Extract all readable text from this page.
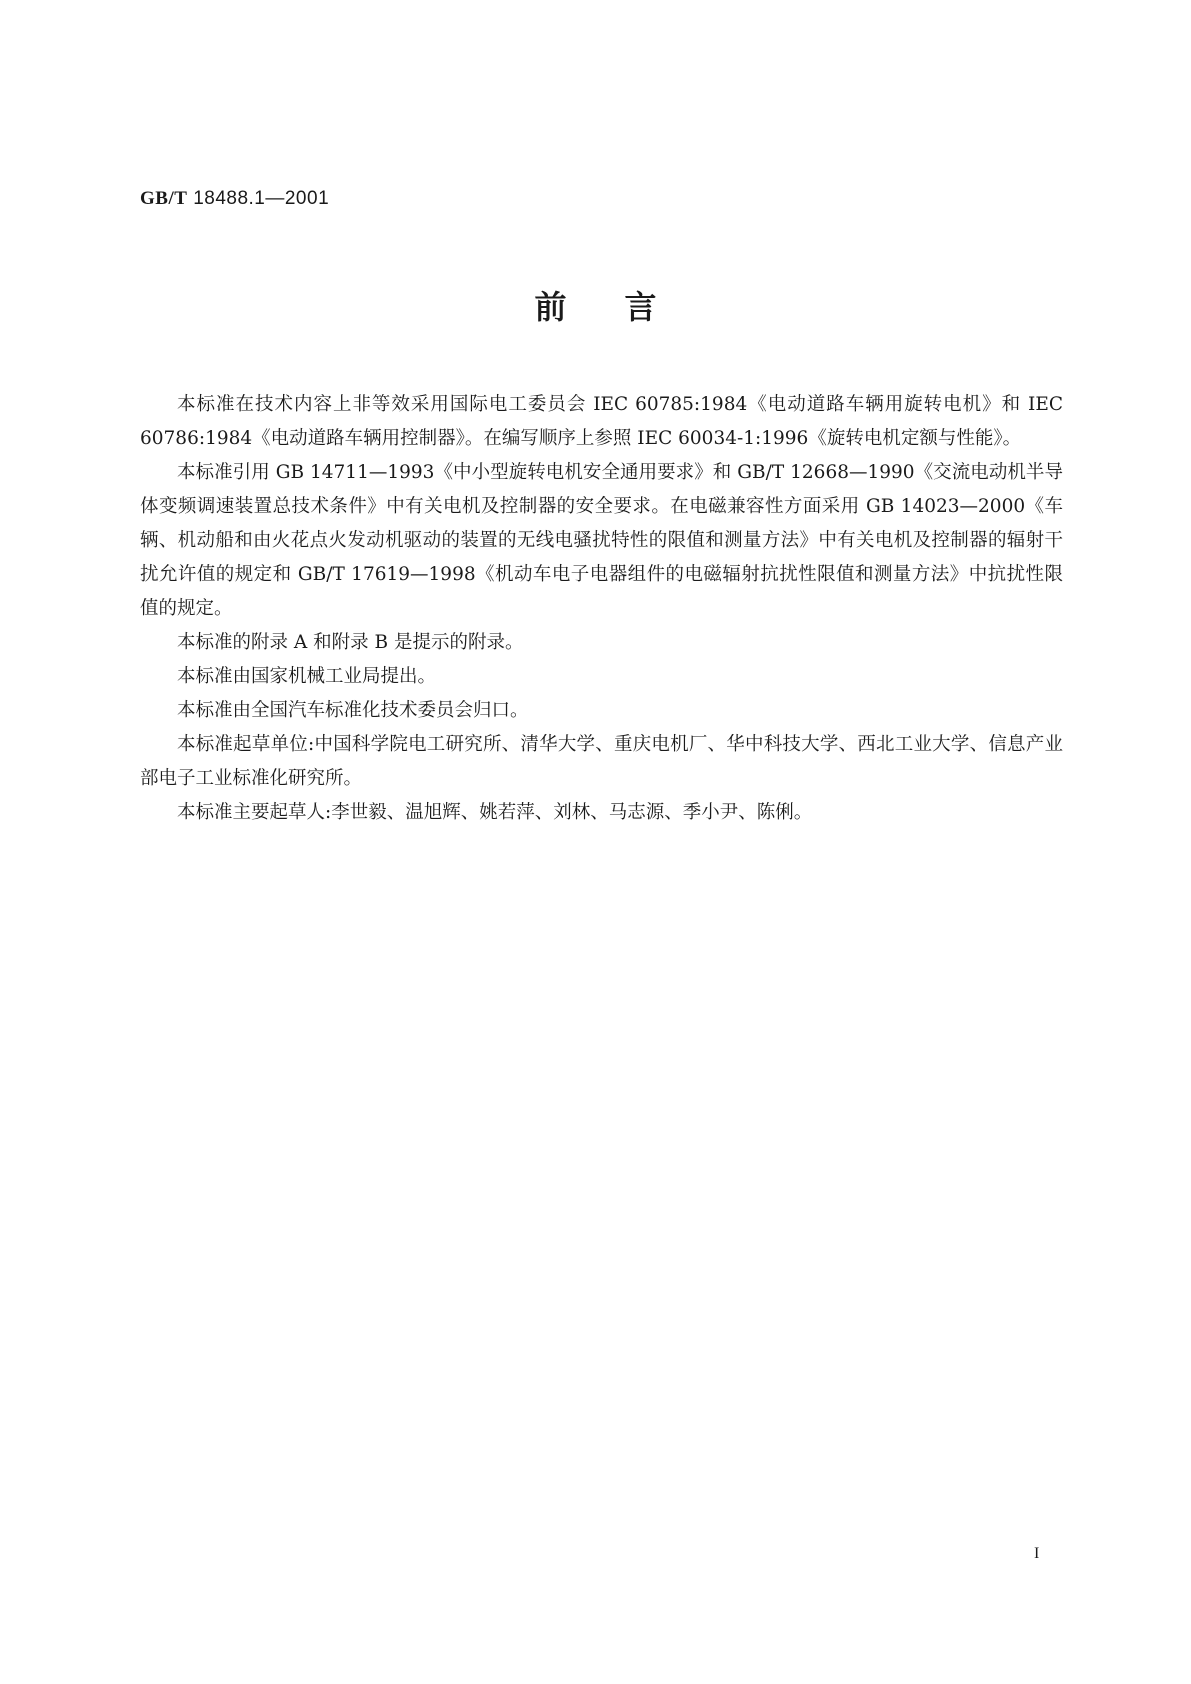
GB/T 18488.1—2001
前言

本标准在技术内容上非等效采用国际电工委员会 IEC 60785:1984《电动道路车辆用旋转电机》和 IEC 60786:1984《电动道路车辆用控制器》。在编写顺序上参照 IEC 60034-1:1996《旋转电机定额与性能》。

本标准引用 GB 14711—1993《中小型旋转电机安全通用要求》和 GB/T 12668—1990《交流电动机半导体变频调速装置总技术条件》中有关电机及控制器的安全要求。在电磁兼容性方面采用 GB 14023—2000《车辆、机动船和由火花点火发动机驱动的装置的无线电骚扰特性的限值和测量方法》中有关电机及控制器的辐射干扰允许值的规定和 GB/T 17619—1998《机动车电子电器组件的电磁辐射抗扰性限值和测量方法》中抗扰性限值的规定。

本标准的附录 A 和附录 B 是提示的附录。

本标准由国家机械工业局提出。

本标准由全国汽车标准化技术委员会归口。

本标准起草单位:中国科学院电工研究所、清华大学、重庆电机厂、华中科技大学、西北工业大学、信息产业部电子工业标准化研究所。

本标准主要起草人:李世毅、温旭辉、姚若萍、刘林、马志源、季小尹、陈俐。

I
